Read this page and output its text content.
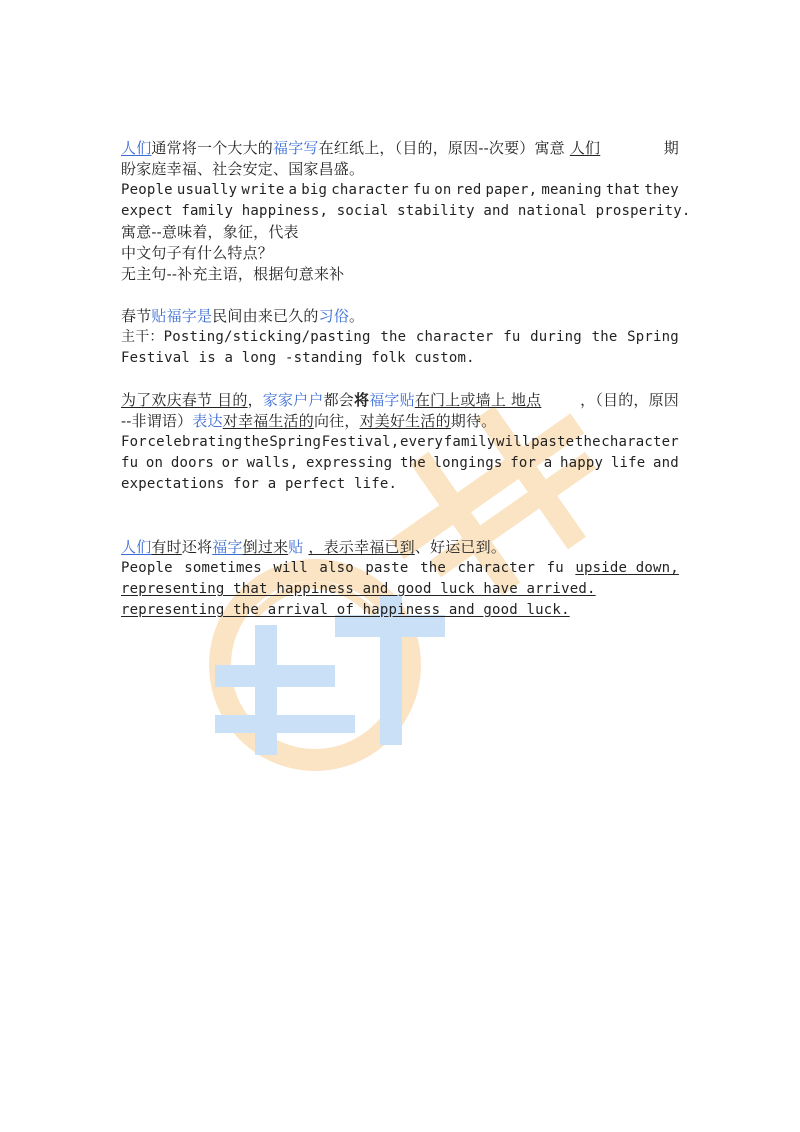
人们通常将一个大大的福字写在红纸上，（目的，原因--次要）寓意 人们	期
盼家庭幸福、社会安定、国家昌盛。
People usually write a big character fu on red paper, meaning that they
expect family happiness, social stability and national prosperity.
寓意--意味着，象征，代表
中文句子有什么特点？
无主句--补充主语，根据句意来补
春节贴福字是民间由来已久的习俗。
主干：Posting/sticking/pasting the character fu during the Spring
Festival is a long -standing folk custom.
为了欢庆春节 目的，家家户户都会将福字贴在门上或墙上 地点	，（目的，原因
--非谓语）表达对幸福生活的向往，对美好生活的期待。
For celebrating the Spring Festival, every family will paste the character
fu on doors or walls, expressing the longings for a happy life and
expectations for a perfect life.
人们有时还将福字倒过来贴 ，表示幸福已到、好运已到。
People sometimes will also paste the character fu upside down,
representing that happiness and good luck have arrived.
representing the arrival of happiness and good luck.
